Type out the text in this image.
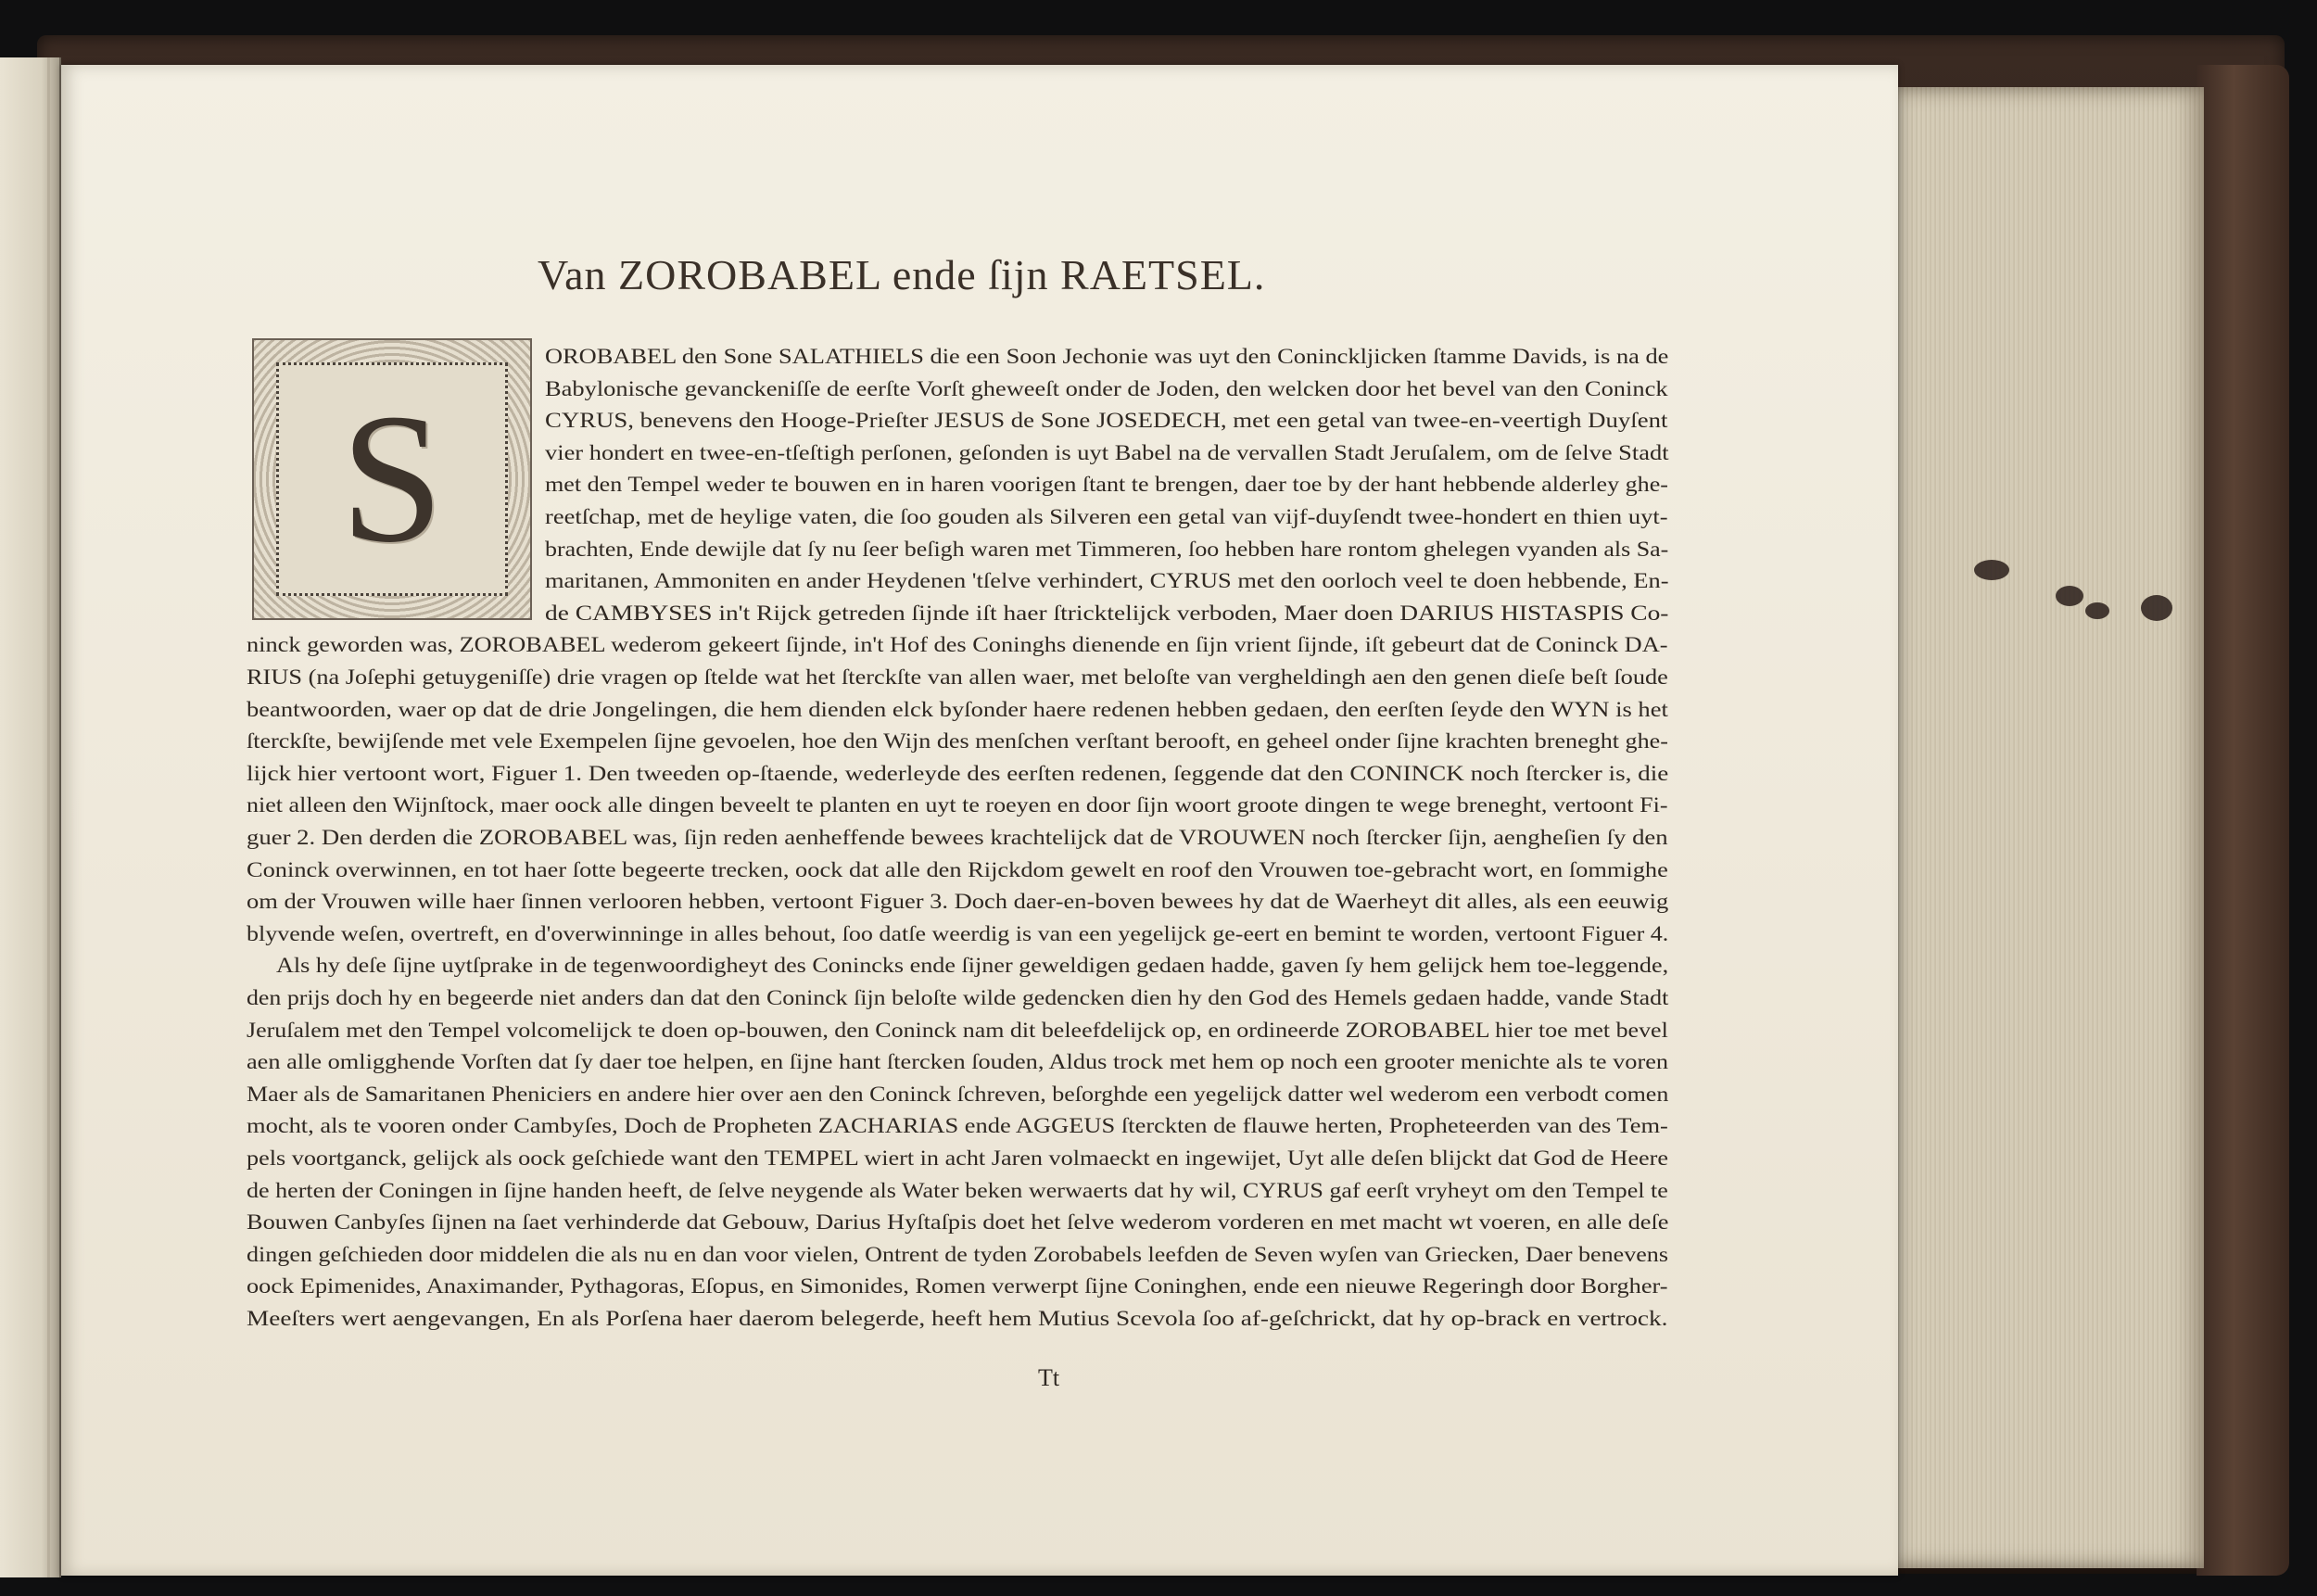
Van ZOROBABEL ende ſijn RAETSEL.
S
OROBABEL den Sone SALATHIELS die een Soon Jechonie was uyt den Coninckljicken ſtamme Davids, is na de
Babylonische gevanckeniſſe de eerſte Vorſt gheweeſt onder de Joden, den welcken door het bevel van den Coninck
CYRUS, benevens den Hooge-Prieſter JESUS de Sone JOSEDECH, met een getal van twee-en-veertigh Duyſent
vier hondert en twee-en-tſeſtigh perſonen, geſonden is uyt Babel na de vervallen Stadt Jeruſalem, om de ſelve Stadt
met den Tempel weder te bouwen en in haren voorigen ſtant te brengen, daer toe by der hant hebbende alderley ghe-
reetſchap, met de heylige vaten, die ſoo gouden als Silveren een getal van vijf-duyſendt twee-hondert en thien uyt-
brachten, Ende dewijle dat ſy nu ſeer beſigh waren met Timmeren, ſoo hebben hare rontom ghelegen vyanden als Sa-
maritanen, Ammoniten en ander Heydenen 'tſelve verhindert, CYRUS met den oorloch veel te doen hebbende, En-
de CAMBYSES in't Rijck getreden ſijnde iſt haer ſtricktelijck verboden, Maer doen DARIUS HISTASPIS Co-
ninck geworden was, ZOROBABEL wederom gekeert ſijnde, in't Hof des Coninghs dienende en ſijn vrient ſijnde, iſt gebeurt dat de Coninck DA-
RIUS (na Joſephi getuygeniſſe) drie vragen op ſtelde wat het ſterckſte van allen waer, met beloſte van vergheldingh aen den genen dieſe beſt ſoude
beantwoorden, waer op dat de drie Jongelingen, die hem dienden elck byſonder haere redenen hebben gedaen, den eerſten ſeyde den WYN is het
ſterckſte, bewijſende met vele Exempelen ſijne gevoelen, hoe den Wijn des menſchen verſtant berooft, en geheel onder ſijne krachten breneght ghe-
lijck hier vertoont wort, Figuer 1. Den tweeden op-ſtaende, wederleyde des eerſten redenen, ſeggende dat den CONINCK noch ſtercker is, die
niet alleen den Wijnſtock, maer oock alle dingen beveelt te planten en uyt te roeyen en door ſijn woort groote dingen te wege breneght, vertoont Fi-
guer 2. Den derden die ZOROBABEL was, ſijn reden aenheffende bewees krachtelijck dat de VROUWEN noch ſtercker ſijn, aengheſien ſy den
Coninck overwinnen, en tot haer ſotte begeerte trecken, oock dat alle den Rijckdom gewelt en roof den Vrouwen toe-gebracht wort, en ſommighe
om der Vrouwen wille haer ſinnen verlooren hebben, vertoont Figuer 3. Doch daer-en-boven bewees hy dat de Waerheyt dit alles, als een eeuwig
blyvende weſen, overtreft, en d'overwinninge in alles behout, ſoo datſe weerdig is van een yegelijck ge-eert en bemint te worden, vertoont Figuer 4.
Als hy deſe ſijne uytſprake in de tegenwoordigheyt des Conincks ende ſijner geweldigen gedaen hadde, gaven ſy hem gelijck hem toe-leggende,
den prijs doch hy en begeerde niet anders dan dat den Coninck ſijn beloſte wilde gedencken dien hy den God des Hemels gedaen hadde, vande Stadt
Jeruſalem met den Tempel volcomelijck te doen op-bouwen, den Coninck nam dit beleefdelijck op, en ordineerde ZOROBABEL hier toe met bevel
aen alle omligghende Vorſten dat ſy daer toe helpen, en ſijne hant ſtercken ſouden, Aldus trock met hem op noch een grooter menichte als te voren
Maer als de Samaritanen Pheniciers en andere hier over aen den Coninck ſchreven, beſorghde een yegelijck datter wel wederom een verbodt comen
mocht, als te vooren onder Cambyſes, Doch de Propheten ZACHARIAS ende AGGEUS ſterckten de flauwe herten, Propheteerden van des Tem-
pels voortganck, gelijck als oock geſchiede want den TEMPEL wiert in acht Jaren volmaeckt en ingewijet, Uyt alle deſen blijckt dat God de Heere
de herten der Coningen in ſijne handen heeft, de ſelve neygende als Water beken werwaerts dat hy wil, CYRUS gaf eerſt vryheyt om den Tempel te
Bouwen Canbyſes ſijnen na ſaet verhinderde dat Gebouw, Darius Hyſtaſpis doet het ſelve wederom vorderen en met macht wt voeren, en alle deſe
dingen geſchieden door middelen die als nu en dan voor vielen, Ontrent de tyden Zorobabels leefden de Seven wyſen van Griecken, Daer benevens
oock Epimenides, Anaximander, Pythagoras, Eſopus, en Simonides, Romen verwerpt ſijne Coninghen, ende een nieuwe Regeringh door Borgher-
Meeſters wert aengevangen, En als Porſena haer daerom belegerde, heeft hem Mutius Scevola ſoo af-geſchrickt, dat hy op-brack en vertrock.
Tt
